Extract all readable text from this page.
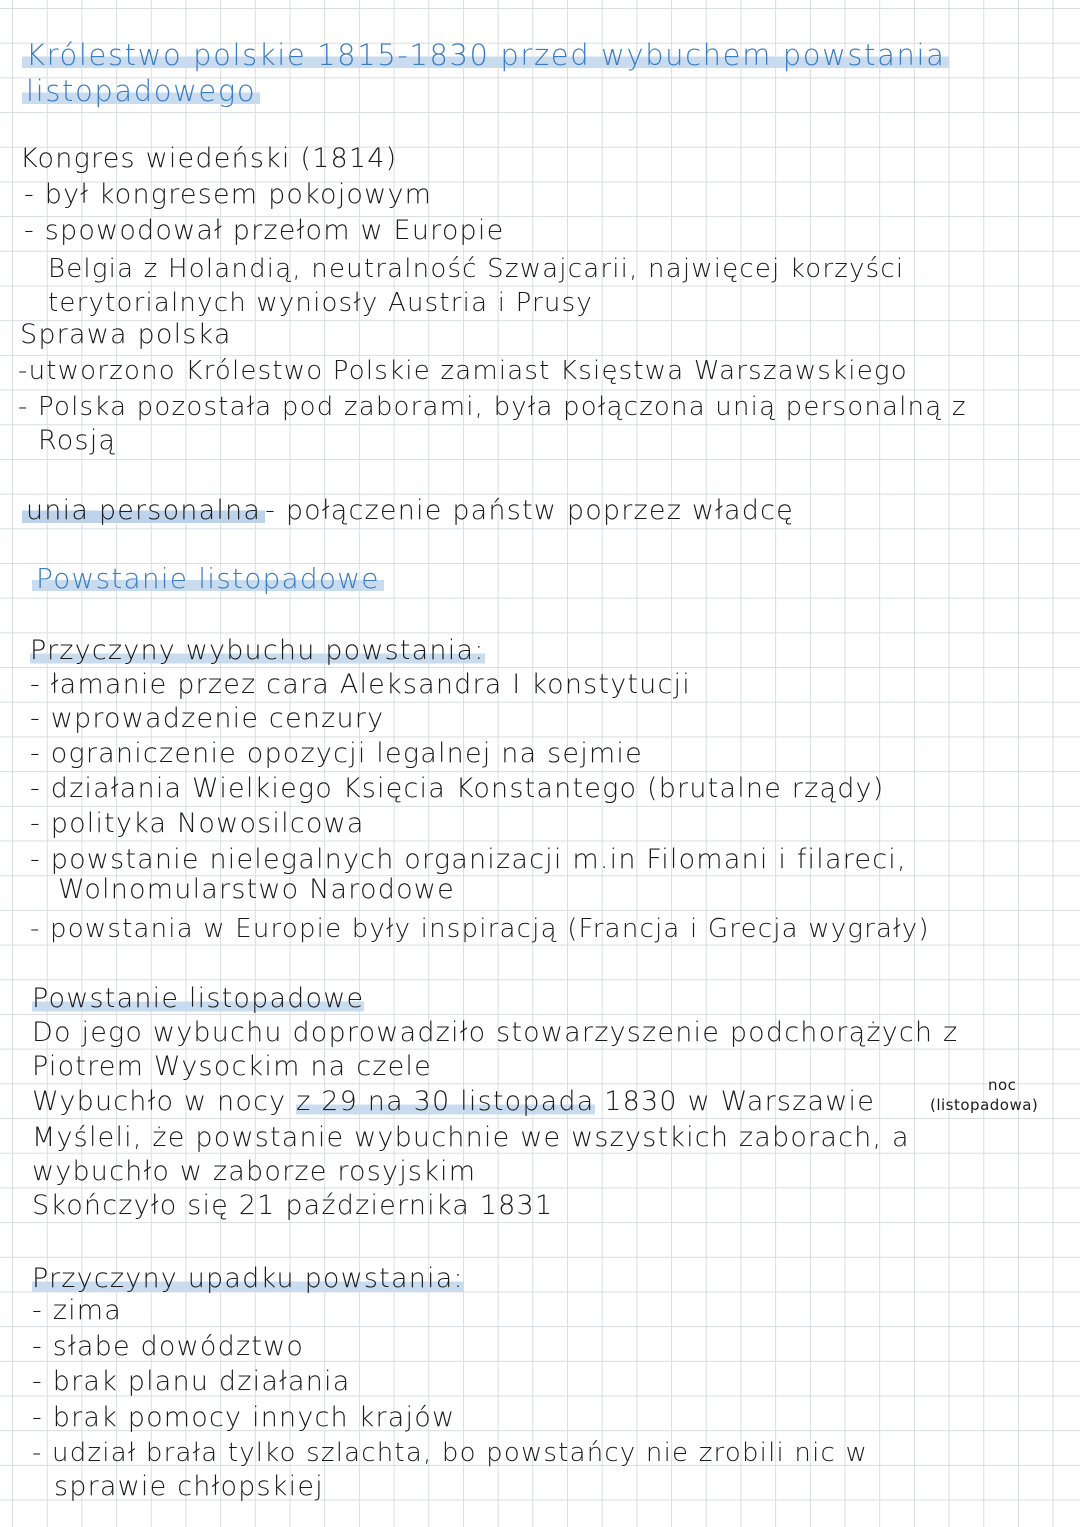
Królestwo polskie 1815-1830 przed wybuchem powstania
listopadowego
Kongres wiedeński (1814)
- był kongresem pokojowym
- spowodował przełom w Europie
Belgia z Holandią, neutralność Szwajcarii, najwięcej korzyści
terytorialnych wyniosły Austria i Prusy
Sprawa polska
-utworzono Królestwo Polskie zamiast Księstwa Warszawskiego
- Polska pozostała pod zaborami, była połączona unią personalną z
Rosją
unia personalna - połączenie państw poprzez władcę
Powstanie listopadowe
Przyczyny wybuchu powstania:
- łamanie przez cara Aleksandra I konstytucji
- wprowadzenie cenzury
- ograniczenie opozycji legalnej na sejmie
- działania Wielkiego Księcia Konstantego (brutalne rządy)
- polityka Nowosilcowa
- powstanie nielegalnych organizacji m.in Filomani i filareci,
Wolnomularstwo Narodowe
- powstania w Europie były inspiracją (Francja i Grecja wygrały)
Powstanie listopadowe
Do jego wybuchu doprowadziło stowarzyszenie podchorążych z
Piotrem Wysockim na czele
Wybuchło w nocy z 29 na 30 listopada 1830 w Warszawie
noc
(listopadowa)
Myśleli, że powstanie wybuchnie we wszystkich zaborach, a
wybuchło w zaborze rosyjskim
Skończyło się 21 października 1831
Przyczyny upadku powstania:
- zima
- słabe dowództwo
- brak planu działania
- brak pomocy innych krajów
- udział brała tylko szlachta, bo powstańcy nie zrobili nic w
sprawie chłopskiej
